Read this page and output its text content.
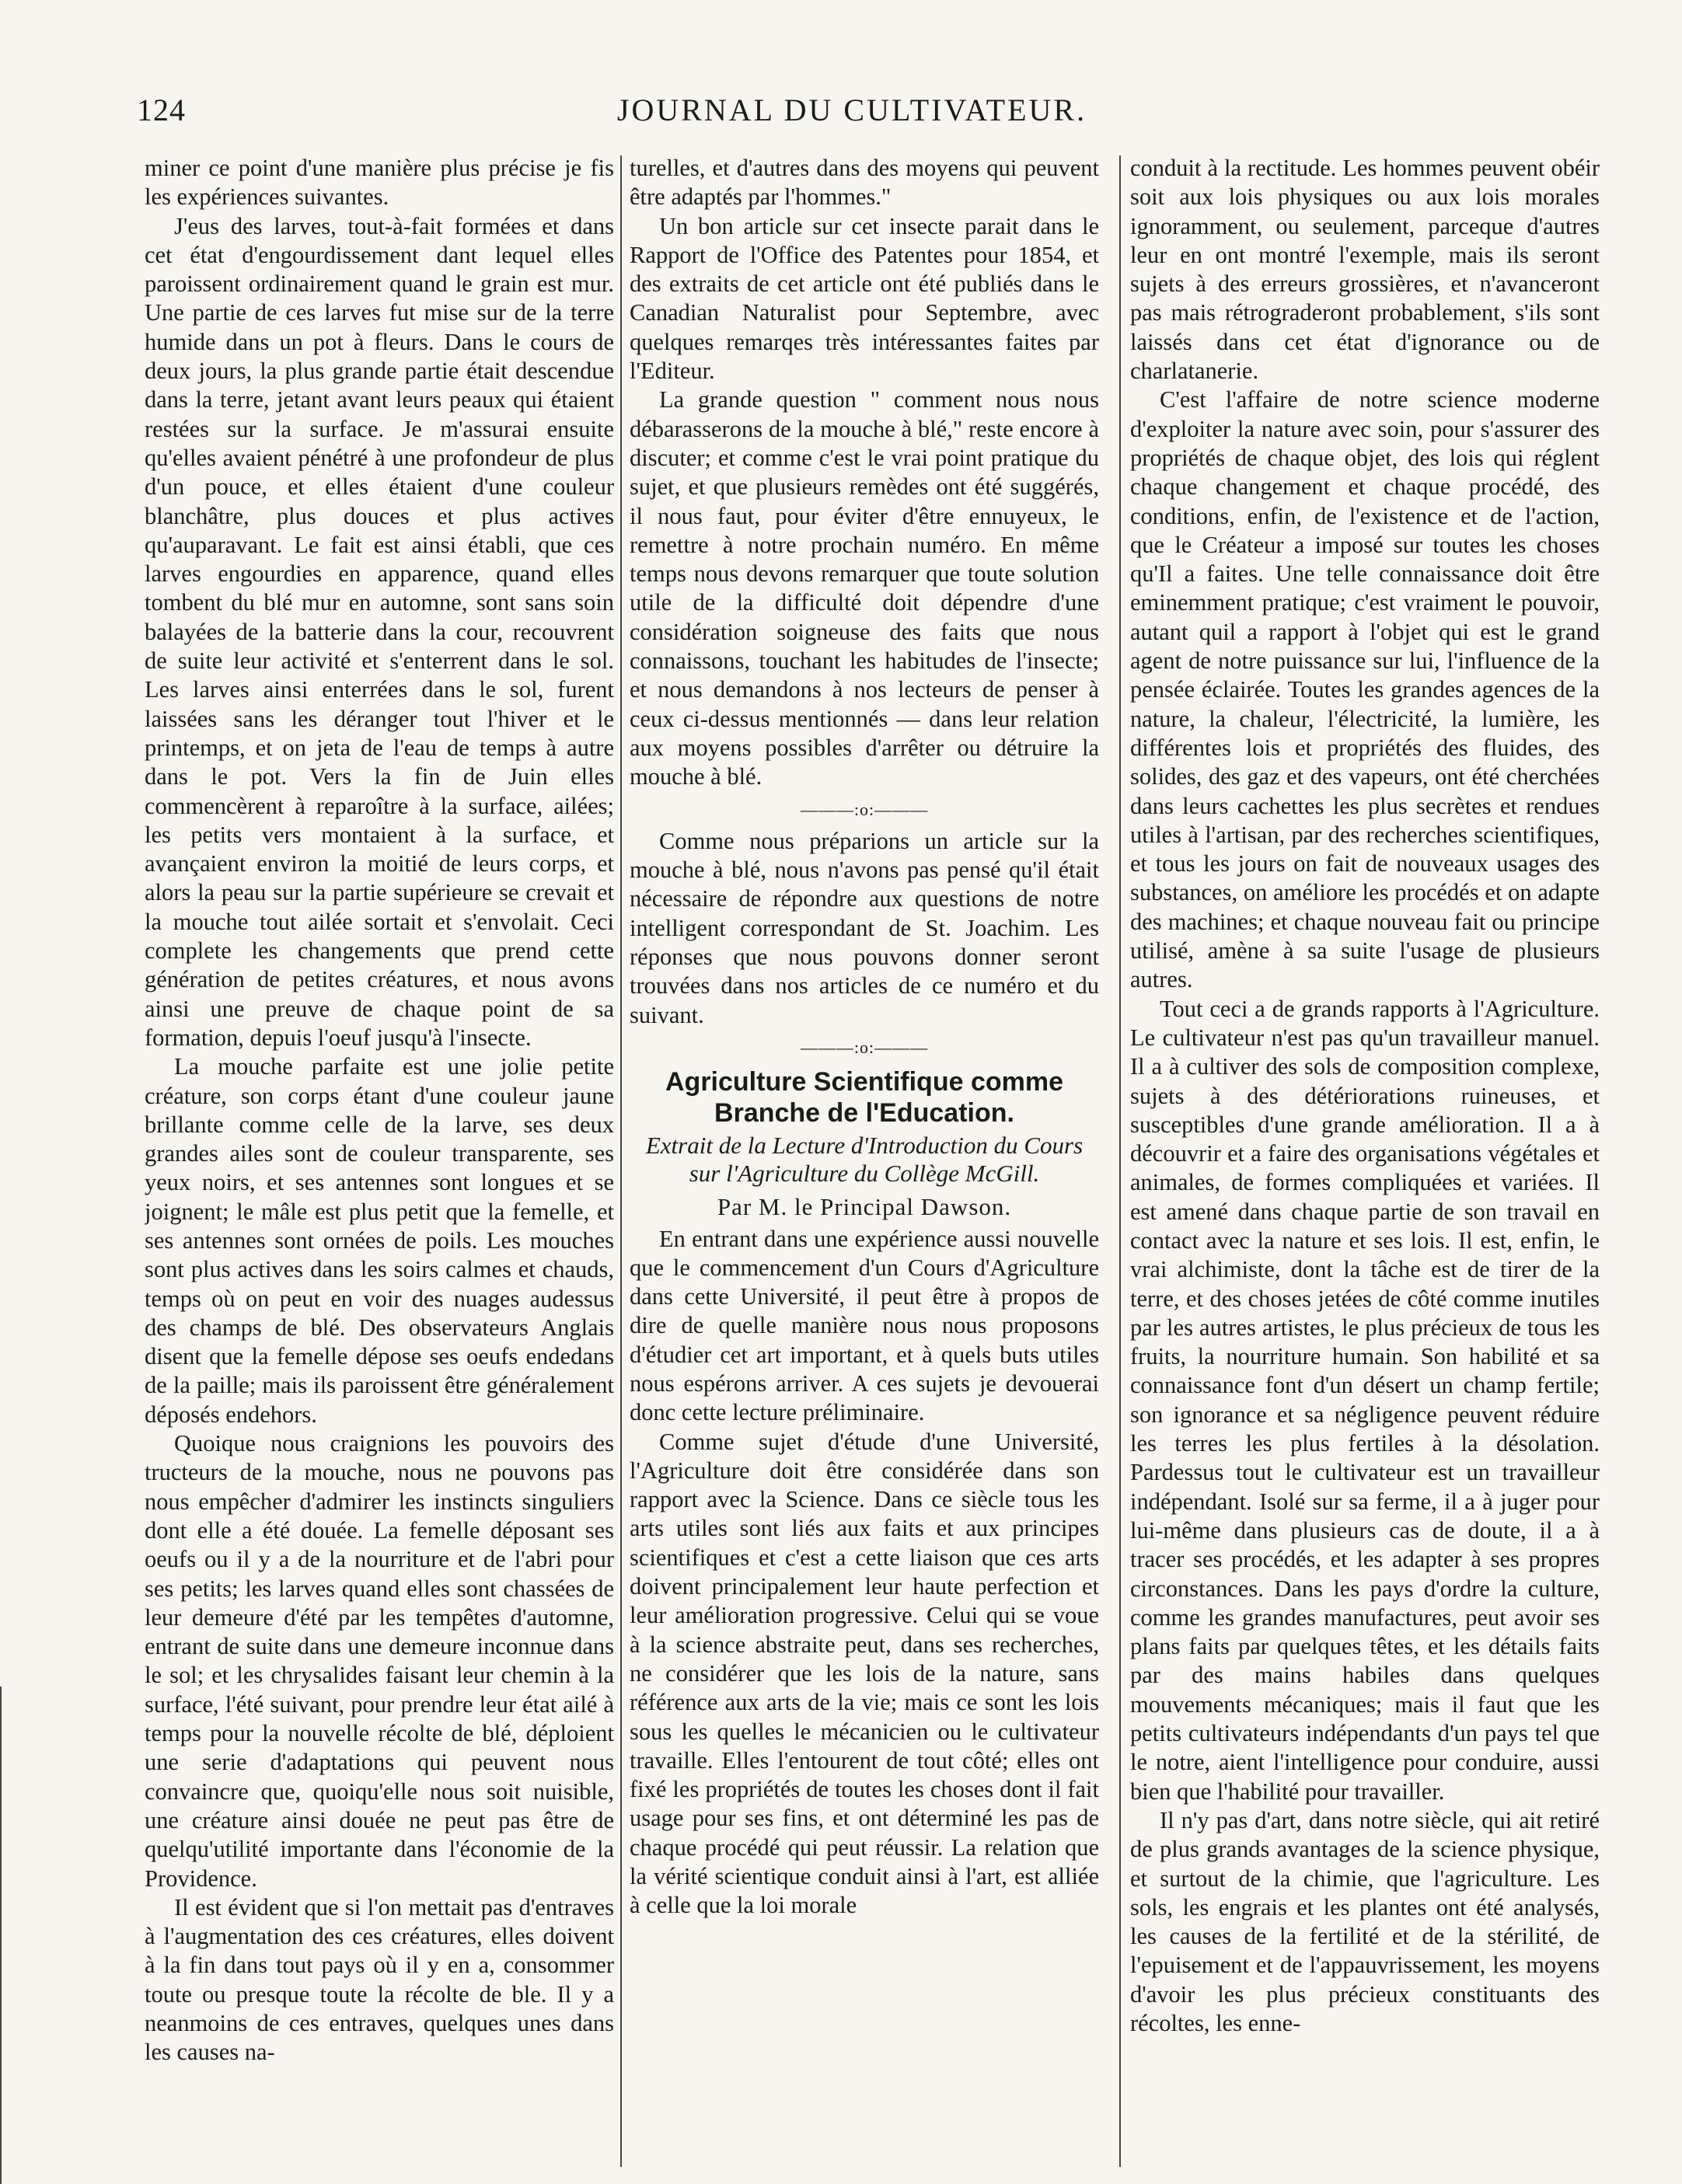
124	JOURNAL DU CULTIVATEUR.

miner ce point d'une manière plus précise je fis les expériences suivantes.

J'eus des larves, tout-à-fait formées et dans cet état d'engourdissement dant lequel elles paroissent ordinairement quand le grain est mur. Une partie de ces larves fut mise sur de la terre humide dans un pot à fleurs. Dans le cours de deux jours, la plus grande partie était descendue dans la terre, jetant avant leurs peaux qui étaient restées sur la surface. Je m'assurai ensuite qu'elles avaient pénétré à une profondeur de plus d'un pouce, et elles étaient d'une couleur blanchâtre, plus douces et plus actives qu'auparavant. Le fait est ainsi établi, que ces larves engourdies en apparence, quand elles tombent du blé mur en automne, sont sans soin balayées de la batterie dans la cour, recouvrent de suite leur activité et s'enterrent dans le sol. Les larves ainsi enterrées dans le sol, furent laissées sans les déranger tout l'hiver et le printemps, et on jeta de l'eau de temps à autre dans le pot. Vers la fin de Juin elles commencèrent à reparoître à la surface, ailées; les petits vers montaient à la surface, et avançaient environ la moitié de leurs corps, et alors la peau sur la partie supérieure se crevait et la mouche tout ailée sortait et s'envolait. Ceci complete les changements que prend cette génération de petites créatures, et nous avons ainsi une preuve de chaque point de sa formation, depuis l'oeuf jusqu'à l'insecte.

La mouche parfaite est une jolie petite créature, son corps étant d'une couleur jaune brillante comme celle de la larve, ses deux grandes ailes sont de couleur transparente, ses yeux noirs, et ses antennes sont longues et se joignent; le mâle est plus petit que la femelle, et ses antennes sont ornées de poils. Les mouches sont plus actives dans les soirs calmes et chauds, temps où on peut en voir des nuages audessus des champs de blé. Des observateurs Anglais disent que la femelle dépose ses oeufs endedans de la paille; mais ils paroissent être généralement déposés endehors.

Quoique nous craignions les pouvoirs des tructeurs de la mouche, nous ne pouvons pas nous empêcher d'admirer les instincts singuliers dont elle a été douée. La femelle déposant ses oeufs ou il y a de la nourriture et de l'abri pour ses petits; les larves quand elles sont chassées de leur demeure d'été par les tempêtes d'automne, entrant de suite dans une demeure inconnue dans le sol; et les chrysalides faisant leur chemin à la surface, l'été suivant, pour prendre leur état ailé à temps pour la nouvelle récolte de blé, déploient une serie d'adaptations qui peuvent nous convaincre que, quoiqu'elle nous soit nuisible, une créature ainsi douée ne peut pas être de quelqu'utilité importante dans l'économie de la Providence.

Il est évident que si l'on mettait pas d'entraves à l'augmentation des ces créatures, elles doivent à la fin dans tout pays où il y en a, consommer toute ou presque toute la récolte de ble. Il y a neanmoins de ces entraves, quelques unes dans les causes na-

turelles, et d'autres dans des moyens qui peuvent être adaptés par l'hommes."

Un bon article sur cet insecte parait dans le Rapport de l'Office des Patentes pour 1854, et des extraits de cet article ont été publiés dans le Canadian Naturalist pour Septembre, avec quelques remarqes très intéressantes faites par l'Editeur.

La grande question " comment nous nous débarasserons de la mouche à blé," reste encore à discuter; et comme c'est le vrai point pratique du sujet, et que plusieurs remèdes ont été suggérés, il nous faut, pour éviter d'être ennuyeux, le remettre à notre prochain numéro. En même temps nous devons remarquer que toute solution utile de la difficulté doit dépendre d'une considération soigneuse des faits que nous connaissons, touchant les habitudes de l'insecte; et nous demandons à nos lecteurs de penser à ceux ci-dessus mentionnés — dans leur relation aux moyens possibles d'arrêter ou détruire la mouche à blé.

———:o:———

Comme nous préparions un article sur la mouche à blé, nous n'avons pas pensé qu'il était nécessaire de répondre aux questions de notre intelligent correspondant de St. Joachim. Les réponses que nous pouvons donner seront trouvées dans nos articles de ce numéro et du suivant.

———:o:———
Agriculture Scientifique comme Branche de l'Education.
Extrait de la Lecture d'Introduction du Cours sur l'Agriculture du Collège McGill.
Par M. le Principal Dawson.

En entrant dans une expérience aussi nouvelle que le commencement d'un Cours d'Agriculture dans cette Université, il peut être à propos de dire de quelle manière nous nous proposons d'étudier cet art important, et à quels buts utiles nous espérons arriver. A ces sujets je devouerai donc cette lecture préliminaire.

Comme sujet d'étude d'une Université, l'Agriculture doit être considérée dans son rapport avec la Science. Dans ce siècle tous les arts utiles sont liés aux faits et aux principes scientifiques et c'est a cette liaison que ces arts doivent principalement leur haute perfection et leur amélioration progressive. Celui qui se voue à la science abstraite peut, dans ses recherches, ne considérer que les lois de la nature, sans référence aux arts de la vie; mais ce sont les lois sous les quelles le mécanicien ou le cultivateur travaille. Elles l'entourent de tout côté; elles ont fixé les propriétés de toutes les choses dont il fait usage pour ses fins, et ont déterminé les pas de chaque procédé qui peut réussir. La relation que la vérité scientique conduit ainsi à l'art, est alliée à celle que la loi morale

conduit à la rectitude. Les hommes peuvent obéir soit aux lois physiques ou aux lois morales ignoramment, ou seulement, parceque d'autres leur en ont montré l'exemple, mais ils seront sujets à des erreurs grossières, et n'avanceront pas mais rétrograderont probablement, s'ils sont laissés dans cet état d'ignorance ou de charlatanerie.

C'est l'affaire de notre science moderne d'exploiter la nature avec soin, pour s'assurer des propriétés de chaque objet, des lois qui réglent chaque changement et chaque procédé, des conditions, enfin, de l'existence et de l'action, que le Créateur a imposé sur toutes les choses qu'Il a faites. Une telle connaissance doit être eminemment pratique; c'est vraiment le pouvoir, autant quil a rapport à l'objet qui est le grand agent de notre puissance sur lui, l'influence de la pensée éclairée. Toutes les grandes agences de la nature, la chaleur, l'électricité, la lumière, les différentes lois et propriétés des fluides, des solides, des gaz et des vapeurs, ont été cherchées dans leurs cachettes les plus secrètes et rendues utiles à l'artisan, par des recherches scientifiques, et tous les jours on fait de nouveaux usages des substances, on améliore les procédés et on adapte des machines; et chaque nouveau fait ou principe utilisé, amène à sa suite l'usage de plusieurs autres.

Tout ceci a de grands rapports à l'Agriculture. Le cultivateur n'est pas qu'un travailleur manuel. Il a à cultiver des sols de composition complexe, sujets à des détériorations ruineuses, et susceptibles d'une grande amélioration. Il a à découvrir et a faire des organisations végétales et animales, de formes compliquées et variées. Il est amené dans chaque partie de son travail en contact avec la nature et ses lois. Il est, enfin, le vrai alchimiste, dont la tâche est de tirer de la terre, et des choses jetées de côté comme inutiles par les autres artistes, le plus précieux de tous les fruits, la nourriture humain. Son habilité et sa connaissance font d'un désert un champ fertile; son ignorance et sa négligence peuvent réduire les terres les plus fertiles à la désolation. Pardessus tout le cultivateur est un travailleur indépendant. Isolé sur sa ferme, il a à juger pour lui-même dans plusieurs cas de doute, il a à tracer ses procédés, et les adapter à ses propres circonstances. Dans les pays d'ordre la culture, comme les grandes manufactures, peut avoir ses plans faits par quelques têtes, et les détails faits par des mains habiles dans quelques mouvements mécaniques; mais il faut que les petits cultivateurs indépendants d'un pays tel que le notre, aient l'intelligence pour conduire, aussi bien que l'habilité pour travailler.

Il n'y pas d'art, dans notre siècle, qui ait retiré de plus grands avantages de la science physique, et surtout de la chimie, que l'agriculture. Les sols, les engrais et les plantes ont été analysés, les causes de la fertilité et de la stérilité, de l'epuisement et de l'appauvrissement, les moyens d'avoir les plus précieux constituants des récoltes, les enne-
